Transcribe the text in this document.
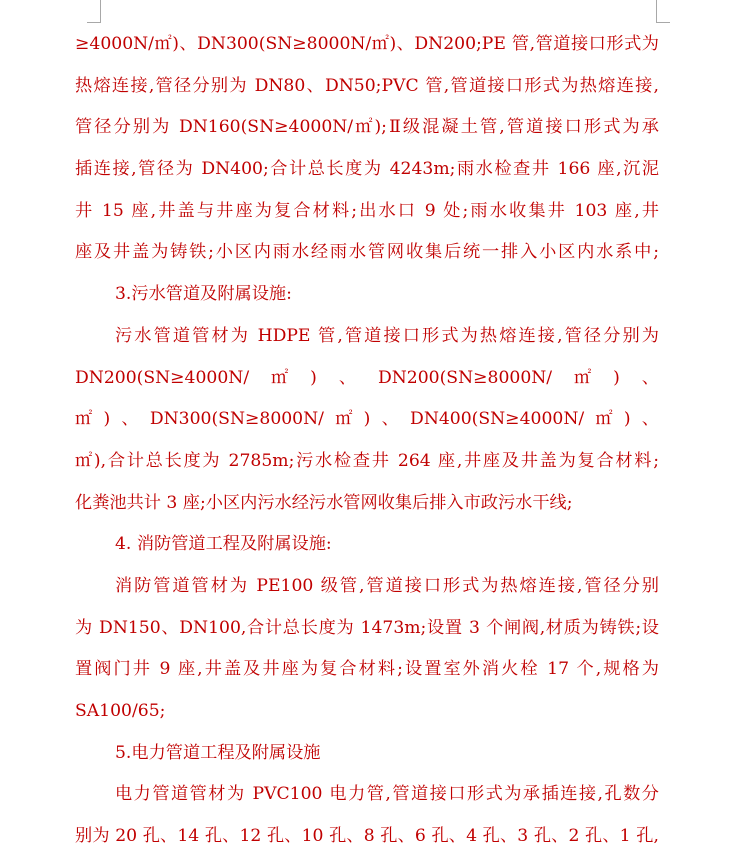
≥4000N/㎡)、DN300(SN≥8000N/㎡)、DN200;PE 管,管道接口形式为
热熔连接,管径分别为 DN80、DN50;PVC 管,管道接口形式为热熔连接,
管径分别为 DN160(SN≥4000N/㎡);Ⅱ级混凝土管,管道接口形式为承
插连接,管径为 DN400;合计总长度为 4243m;雨水检查井 166 座,沉泥
井 15 座,井盖与井座为复合材料;出水口 9 处;雨水收集井 103 座,井
座及井盖为铸铁;小区内雨水经雨水管网收集后统一排入小区内水系中;
3.污水管道及附属设施:
污水管道管材为 HDPE 管,管道接口形式为热熔连接,管径分别为
DN200(SN≥4000N/㎡)、DN200(SN≥8000N/㎡)、
㎡)、DN300(SN≥8000N/㎡)、DN400(SN≥4000N/㎡)、
㎡),合计总长度为 2785m;污水检查井 264 座,井座及井盖为复合材料;
化粪池共计 3 座;小区内污水经污水管网收集后排入市政污水干线;
4. 消防管道工程及附属设施:
消防管道管材为 PE100 级管,管道接口形式为热熔连接,管径分别
为 DN150、DN100,合计总长度为 1473m;设置 3 个闸阀,材质为铸铁;设
置阀门井 9 座,井盖及井座为复合材料;设置室外消火栓 17 个,规格为
SA100/65;
5.电力管道工程及附属设施
电力管道管材为 PVC100 电力管,管道接口形式为承插连接,孔数分
别为 20 孔、14 孔、12 孔、10 孔、8 孔、6 孔、4 孔、3 孔、2 孔、1 孔,
